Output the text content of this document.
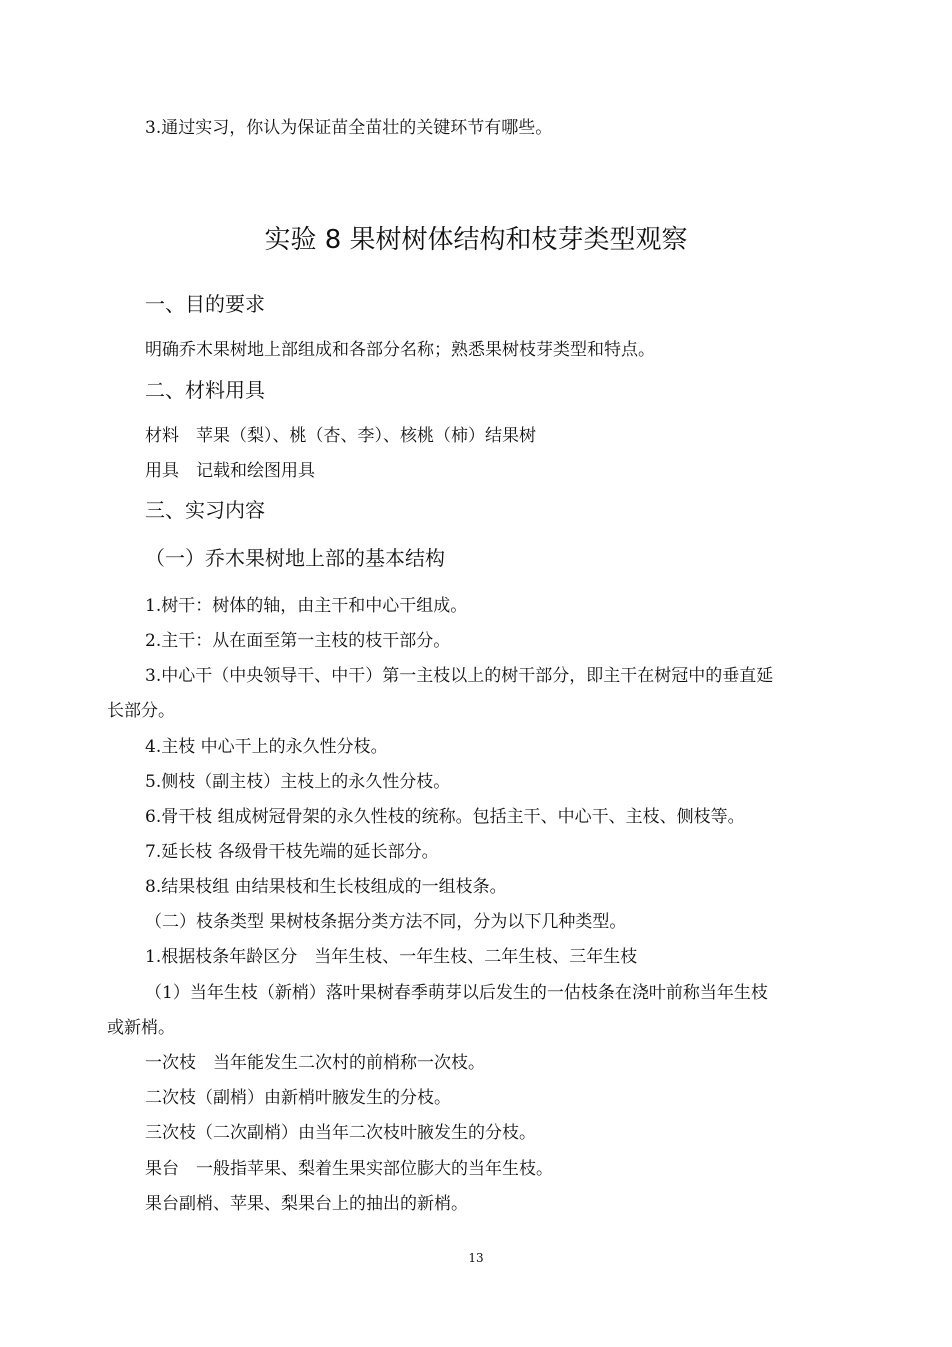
3.通过实习，你认为保证苗全苗壮的关键环节有哪些。
实验 8 果树树体结构和枝芽类型观察
一、目的要求
明确乔木果树地上部组成和各部分名称；熟悉果树枝芽类型和特点。
二、材料用具
材料　苹果（梨）、桃（杏、李）、核桃（柿）结果树
用具　记载和绘图用具
三、实习内容
（一）乔木果树地上部的基本结构
1.树干：树体的轴，由主干和中心干组成。
2.主干：从在面至第一主枝的枝干部分。
3.中心干（中央领导干、中干）第一主枝以上的树干部分，即主干在树冠中的垂直延
长部分。
4.主枝 中心干上的永久性分枝。
5.侧枝（副主枝）主枝上的永久性分枝。
6.骨干枝 组成树冠骨架的永久性枝的统称。包括主干、中心干、主枝、侧枝等。
7.延长枝 各级骨干枝先端的延长部分。
8.结果枝组 由结果枝和生长枝组成的一组枝条。
（二）枝条类型 果树枝条据分类方法不同，分为以下几种类型。
1.根据枝条年龄区分　当年生枝、一年生枝、二年生枝、三年生枝
（1）当年生枝（新梢）落叶果树春季萌芽以后发生的一估枝条在浇叶前称当年生枝
或新梢。
一次枝　当年能发生二次村的前梢称一次枝。
二次枝（副梢）由新梢叶腋发生的分枝。
三次枝（二次副梢）由当年二次枝叶腋发生的分枝。
果台　一般指苹果、梨着生果实部位膨大的当年生枝。
果台副梢、苹果、梨果台上的抽出的新梢。
13
